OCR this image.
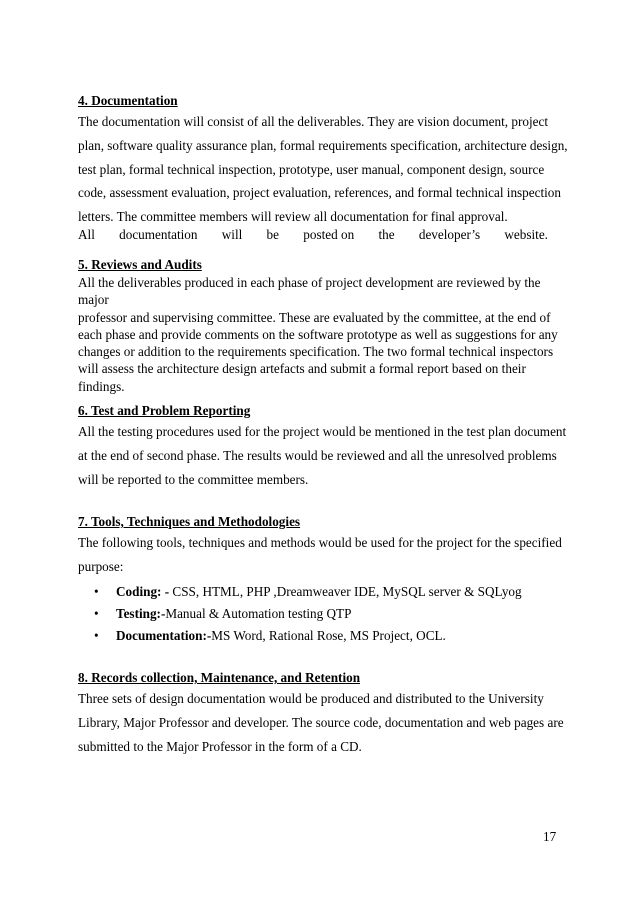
4. Documentation
The documentation will consist of all the deliverables. They are vision document, project
plan, software quality assurance plan, formal requirements specification, architecture design,
test plan, formal technical inspection, prototype, user manual, component design, source
code, assessment evaluation, project evaluation, references, and formal technical inspection
letters. The committee members will review all documentation for final approval.
All documentation will be posted on the developer’s website.
5. Reviews and Audits
All the deliverables produced in each phase of project development are reviewed by the major
professor and supervising committee. These are evaluated by the committee, at the end of
each phase and provide comments on the software prototype as well as suggestions for any
changes or addition to the requirements specification. The two formal technical inspectors
will assess the architecture design artefacts and submit a formal report based on their
findings.
6. Test and Problem Reporting
All the testing procedures used for the project would be mentioned in the test plan document
at the end of second phase. The results would be reviewed and all the unresolved problems
will be reported to the committee members.
7. Tools, Techniques and Methodologies
The following tools, techniques and methods would be used for the project for the specified
purpose:
• Coding: - CSS, HTML, PHP ,Dreamweaver IDE, MySQL server & SQLyog
• Testing:-Manual & Automation testing QTP
• Documentation:-MS Word, Rational Rose, MS Project, OCL.
8. Records collection, Maintenance, and Retention
Three sets of design documentation would be produced and distributed to the University
Library, Major Professor and developer. The source code, documentation and web pages are
submitted to the Major Professor in the form of a CD.
17
